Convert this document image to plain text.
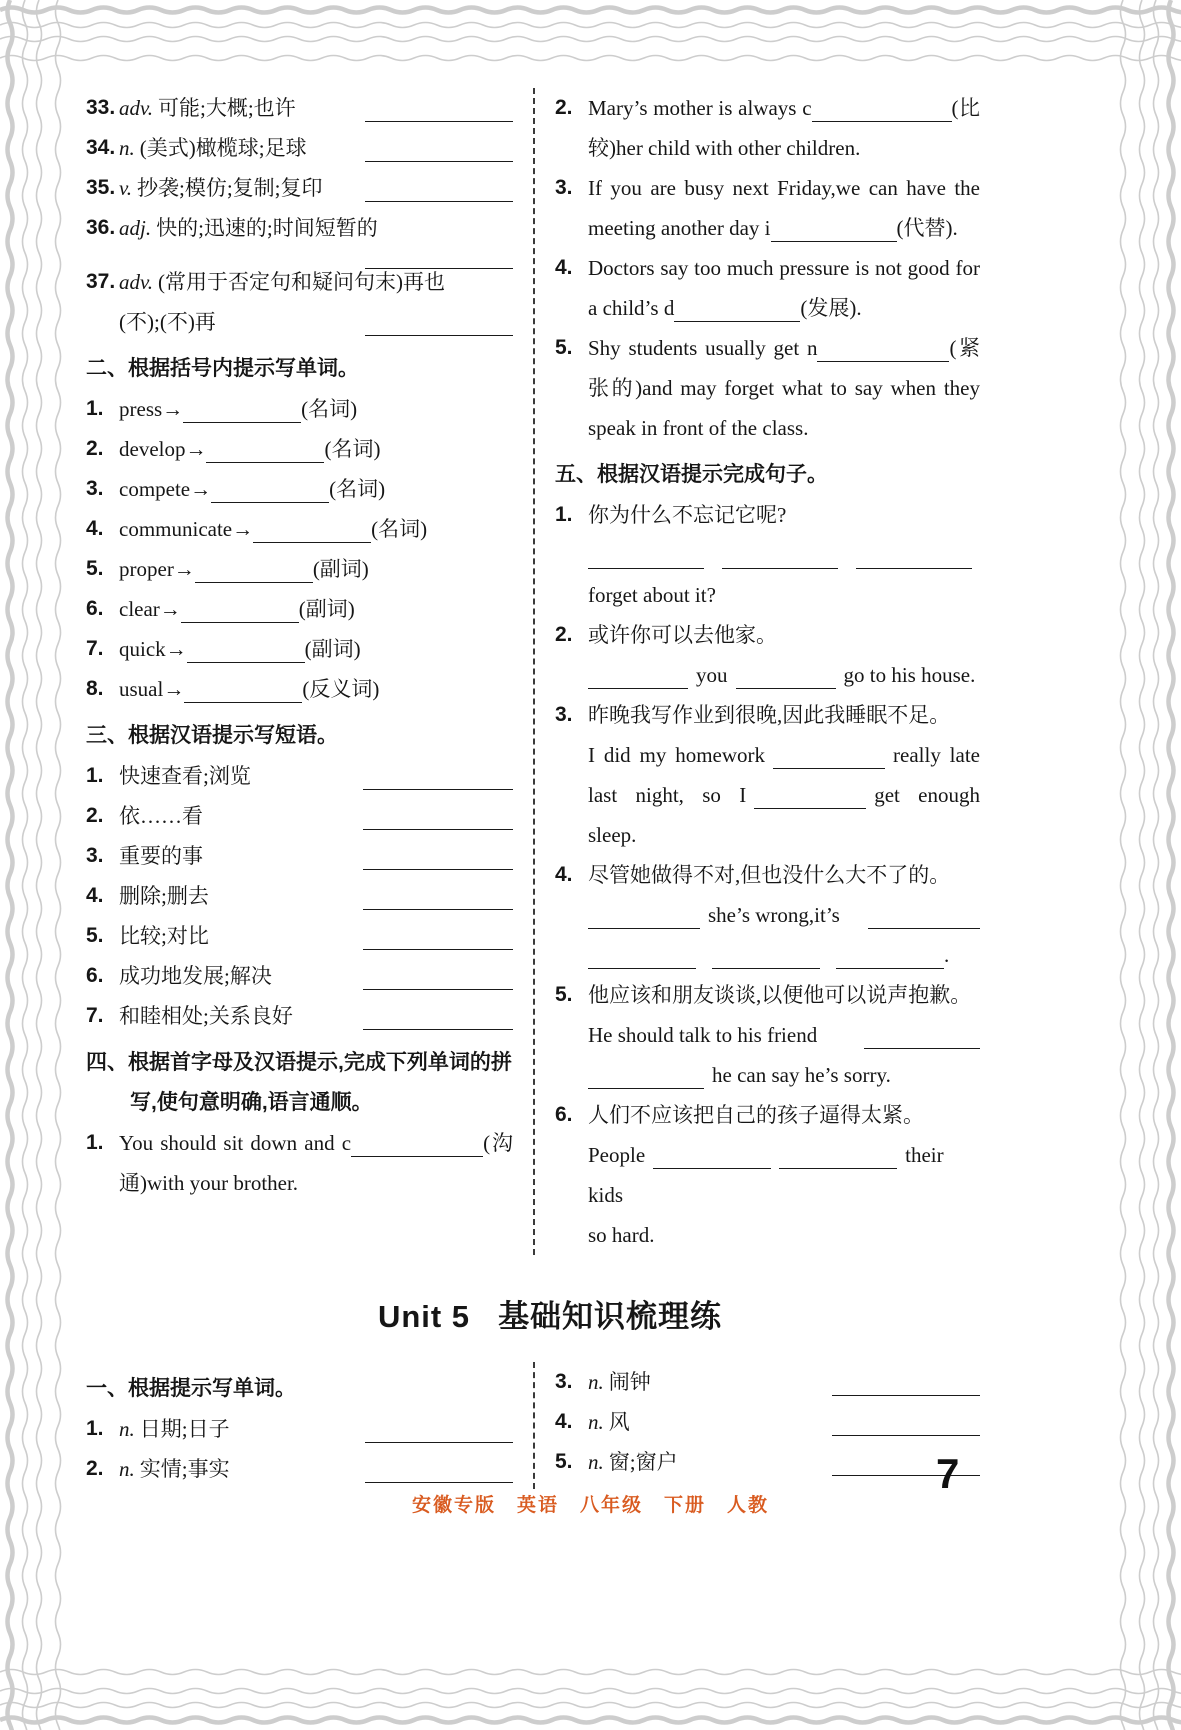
33. adv. 可能;大概;也许
34. n. (美式)橄榄球;足球
35. v. 抄袭;模仿;复制;复印
36. adj. 快的;迅速的;时间短暂的
37. adv. (常用于否定句和疑问句末)再也
(不);(不)再
二、根据括号内提示写单词。
1. press→	(名词)
2. develop→	(名词)
3. compete→	(名词)
4. communicate→	(名词)
5. proper→	(副词)
6. clear→	(副词)
7. quick→	(副词)
8. usual→	(反义词)
三、根据汉语提示写短语。
1. 快速查看;浏览
2. 依……看
3. 重要的事
4. 删除;删去
5. 比较;对比
6. 成功地发展;解决
7. 和睦相处;关系良好
四、根据首字母及汉语提示,完成下列单词的拼写,使句意明确,语言通顺。
1. You should sit down and c	(沟通)with your brother.
2. Mary’s mother is always c	(比较)her child with other children.
3. If you are busy next Friday,we can have the meeting another day i	(代替).
4. Doctors say too much pressure is not good for a child’s d	(发展).
5. Shy students usually get n	(紧张的)and may forget what to say when they speak in front of the class.
五、根据汉语提示完成句子。
1. 你为什么不忘记它呢?
forget about it?
2. 或许你可以去他家。
you	go to his house.
3. 昨晚我写作业到很晚,因此我睡眠不足。
I did my homework	really late last night, so I	get enough sleep.
4. 尽管她做得不对,但也没什么大不了的。
she’s wrong,it’s
.
5. 他应该和朋友谈谈,以便他可以说声抱歉。
He should talk to his friend
he can say he’s sorry.
6. 人们不应该把自己的孩子逼得太紧。
People	their kids
so hard.
Unit 5 基础知识梳理练
一、根据提示写单词。
1. n. 日期;日子
2. n. 实情;事实
3. n. 闹钟
4. n. 风
5. n. 窗;窗户
安徽专版　英语　八年级　下册　人教
7
